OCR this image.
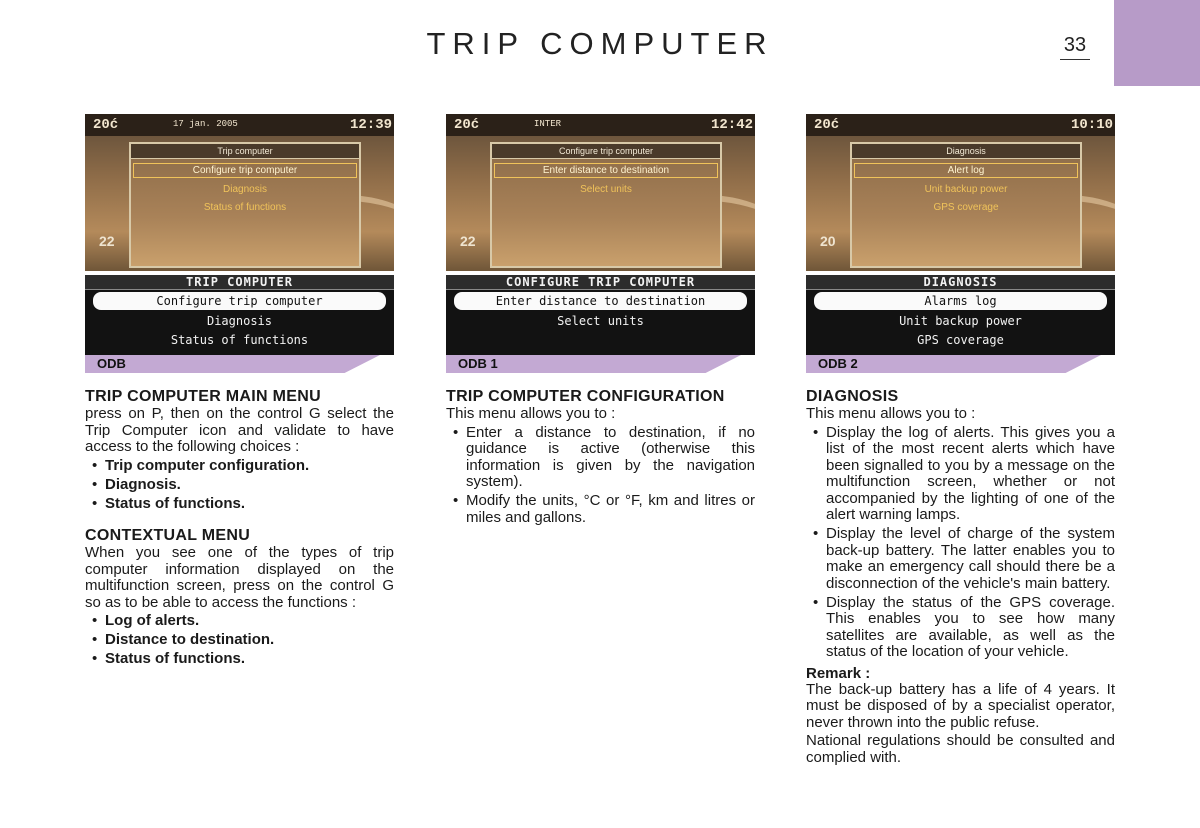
TRIP COMPUTER	33
20ć	17 jan. 2005	12:39
22
Trip computer
Configure trip computer
Diagnosis
Status of functions
TRIP COMPUTER
Configure trip computer
Diagnosis
Status of functions
ODB
TRIP COMPUTER MAIN MENU

press on P, then on the control G select the Trip Computer icon and validate to have access to the following choices :

• Trip computer configuration.
• Diagnosis.
• Status of functions.
CONTEXTUAL MENU

When you see one of the types of trip computer information displayed on the multifunction screen, press on the control G so as to be able to access the functions :

• Log of alerts.
• Distance to destination.
• Status of functions.
20ć	INTER	12:42
22
Configure trip computer
Enter distance to destination
Select units
CONFIGURE TRIP COMPUTER
Enter distance to destination
Select units
ODB 1
TRIP COMPUTER CONFIGURATION

This menu allows you to :

• Enter a distance to destination, if no guidance is active (otherwise this information is given by the navigation system).
• Modify the units, °C or °F, km and litres or miles and gallons.
20ć	10:10
20
Diagnosis
Alert log
Unit backup power
GPS coverage
DIAGNOSIS
Alarms log
Unit backup power
GPS coverage
ODB 2
DIAGNOSIS

This menu allows you to :

• Display the log of alerts. This gives you a list of the most recent alerts which have been signalled to you by a message on the multifunction screen, whether or not accompanied by the lighting of one of the alert warning lamps.
• Display the level of charge of the system back-up battery. The latter enables you to make an emergency call should there be a disconnection of the vehicle's main battery.
• Display the status of the GPS coverage. This enables you to see how many satellites are available, as well as the status of the location of your vehicle.
Remark :

The back-up battery has a life of 4 years. It must be disposed of by a specialist operator, never thrown into the public refuse.

National regulations should be consulted and complied with.
